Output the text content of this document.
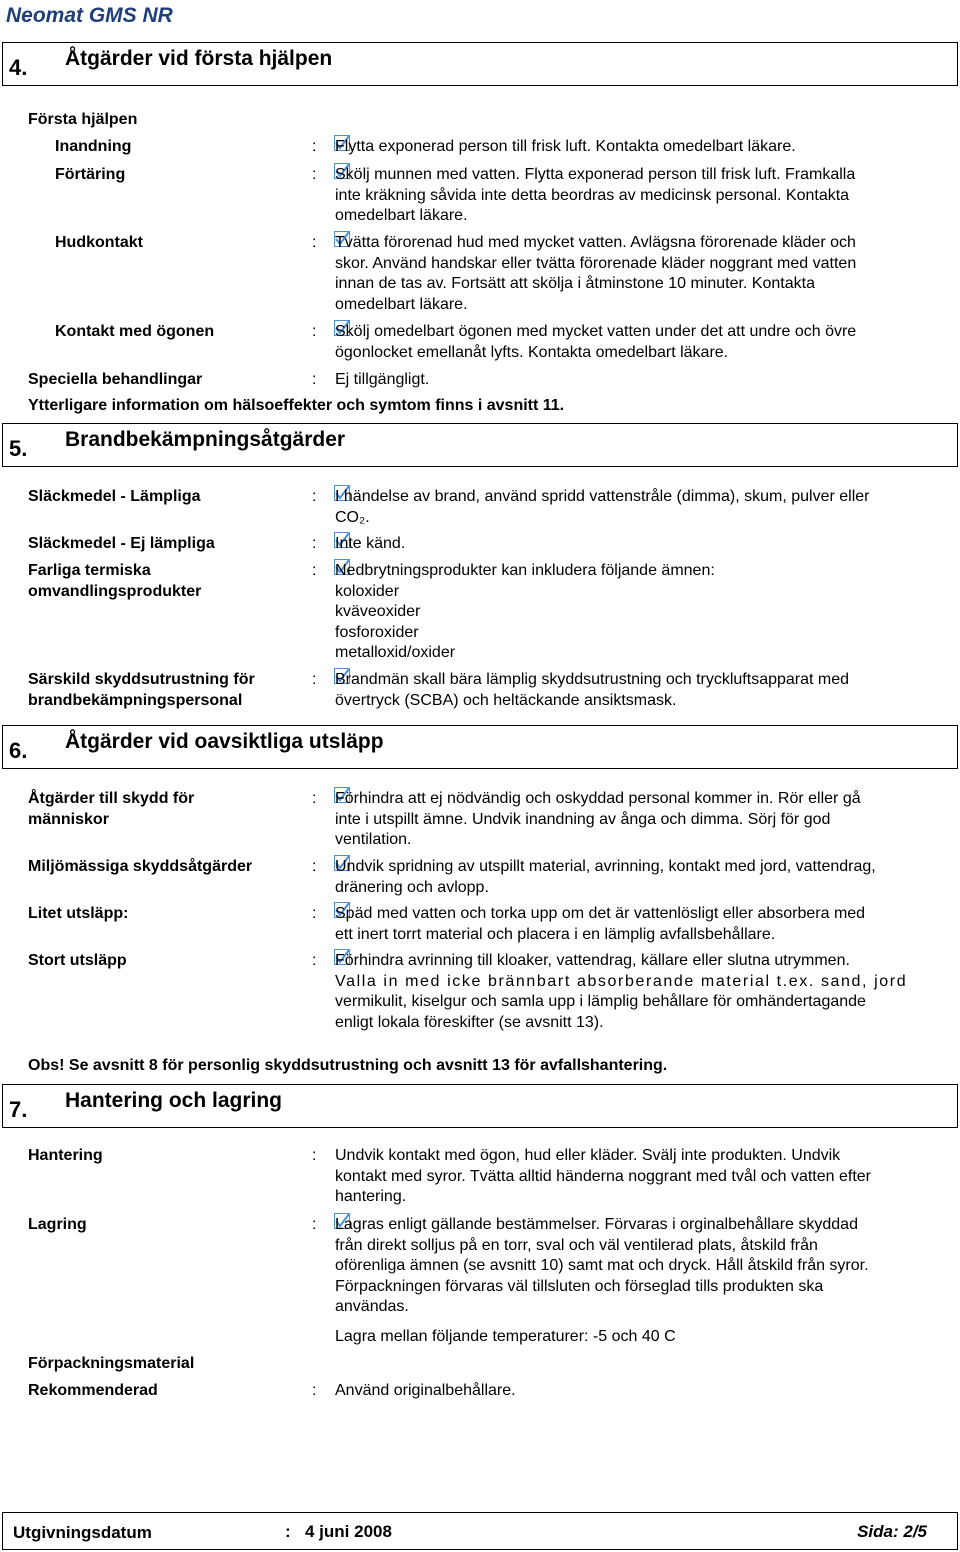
Neomat GMS NR
4. Åtgärder vid första hjälpen
Första hjälpen
Inandning	: Flytta exponerad person till frisk luft. Kontakta omedelbart läkare.
Förtäring	: Skölj munnen med vatten. Flytta exponerad person till frisk luft. Framkalla
inte kräkning såvida inte detta beordras av medicinsk personal. Kontakta
omedelbart läkare.
Hudkontakt	: Tvätta förorenad hud med mycket vatten. Avlägsna förorenade kläder och
skor. Använd handskar eller tvätta förorenade kläder noggrant med vatten
innan de tas av. Fortsätt att skölja i åtminstone 10 minuter. Kontakta
omedelbart läkare.
Kontakt med ögonen	: Skölj omedelbart ögonen med mycket vatten under det att undre och övre
ögonlocket emellanåt lyfts. Kontakta omedelbart läkare.
Speciella behandlingar	: Ej tillgängligt.
Ytterligare information om hälsoeffekter och symtom finns i avsnitt 11.
5. Brandbekämpningsåtgärder
Släckmedel - Lämpliga	: I händelse av brand, använd spridd vattenstråle (dimma), skum, pulver eller
CO₂.
Släckmedel - Ej lämpliga	: Inte känd.
Farliga termiska
omvandlingsprodukter
: Nedbrytningsprodukter kan inkludera följande ämnen:
koloxider
kväveoxider
fosforoxider
metalloxid/oxider
Särskild skyddsutrustning för
brandbekämpningspersonal
: Brandmän skall bära lämplig skyddsutrustning och tryckluftsapparat med
övertryck (SCBA) och heltäckande ansiktsmask.
6. Åtgärder vid oavsiktliga utsläpp
Åtgärder till skydd för
människor
: Förhindra att ej nödvändig och oskyddad personal kommer in. Rör eller gå
inte i utspillt ämne. Undvik inandning av ånga och dimma. Sörj för god
ventilation.
Miljömässiga skyddsåtgärder	: Undvik spridning av utspillt material, avrinning, kontakt med jord, vattendrag,
dränering och avlopp.
Litet utsläpp:	: Späd med vatten och torka upp om det är vattenlösligt eller absorbera med
ett inert torrt material och placera i en lämplig avfallsbehållare.
Stort utsläpp	: Förhindra avrinning till kloaker, vattendrag, källare eller slutna utrymmen.
Valla in med icke brännbart absorberande material t.ex. sand, jord
vermikulit, kiselgur och samla upp i lämplig behållare för omhändertagande
enligt lokala föreskifter (se avsnitt 13).
Obs! Se avsnitt 8 för personlig skyddsutrustning och avsnitt 13 för avfallshantering.
7. Hantering och lagring
Hantering	: Undvik kontakt med ögon, hud eller kläder. Svälj inte produkten. Undvik
kontakt med syror. Tvätta alltid händerna noggrant med tvål och vatten efter
hantering.
Lagring	: Lagras enligt gällande bestämmelser. Förvaras i orginalbehållare skyddad
från direkt solljus på en torr, sval och väl ventilerad plats, åtskild från
oförenliga ämnen (se avsnitt 10) samt mat och dryck. Håll åtskild från syror.
Förpackningen förvaras väl tillsluten och förseglad tills produkten ska
användas.
Lagra mellan följande temperaturer: -5 och 40 C
Förpackningsmaterial
Rekommenderad	: Använd originalbehållare.
Utgivningsdatum	: 4 juni 2008	Sida: 2/5
